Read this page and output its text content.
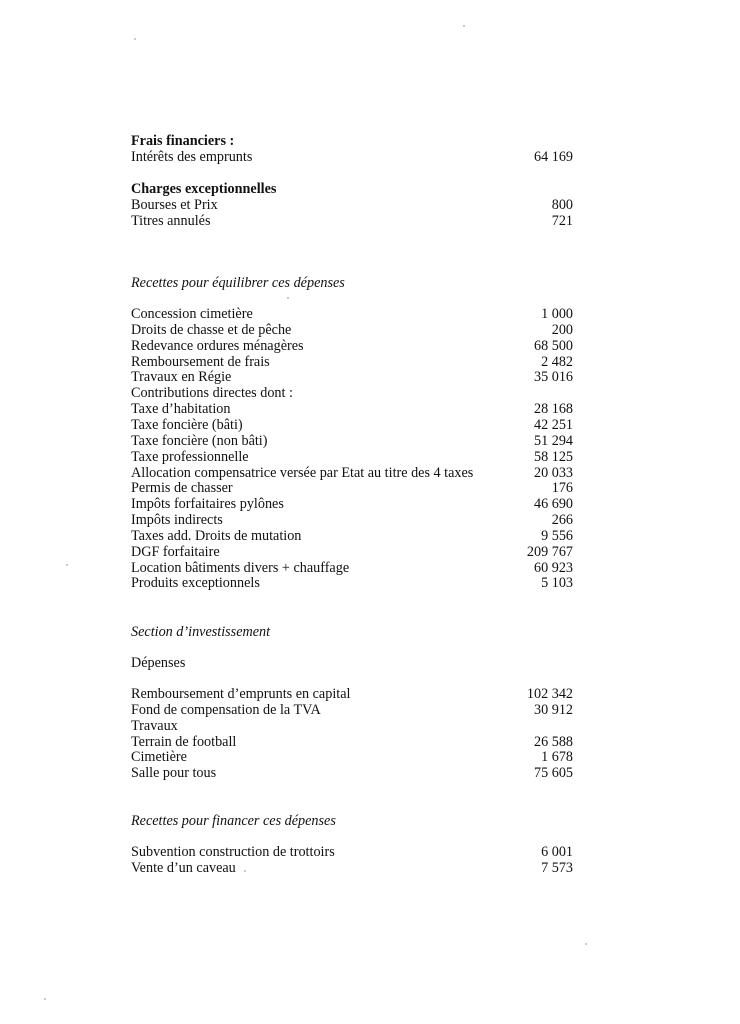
Frais financiers :
Intérêts des emprunts	64 169
Charges exceptionnelles
Bourses et Prix	800
Titres annulés	721
Recettes pour équilibrer ces dépenses
Concession cimetière	1 000
Droits de chasse et de pêche	200
Redevance ordures ménagères	68 500
Remboursement de frais	2 482
Travaux en Régie	35 016
Contributions directes dont :
Taxe d’habitation	28 168
Taxe foncière (bâti)	42 251
Taxe foncière (non bâti)	51 294
Taxe professionnelle	58 125
Allocation compensatrice versée par Etat au titre des 4 taxes	20 033
Permis de chasser	176
Impôts forfaitaires pylônes	46 690
Impôts indirects	266
Taxes add. Droits de mutation	9 556
DGF forfaitaire	209 767
Location bâtiments divers + chauffage	60 923
Produits exceptionnels	5 103
Section d’investissement
Dépenses
Remboursement d’emprunts en capital	102 342
Fond de compensation de la TVA	30 912
Travaux
Terrain de football	26 588
Cimetière	1 678
Salle pour tous	75 605
Recettes pour financer ces dépenses
Subvention construction de trottoirs	6 001
Vente d’un caveau	7 573
